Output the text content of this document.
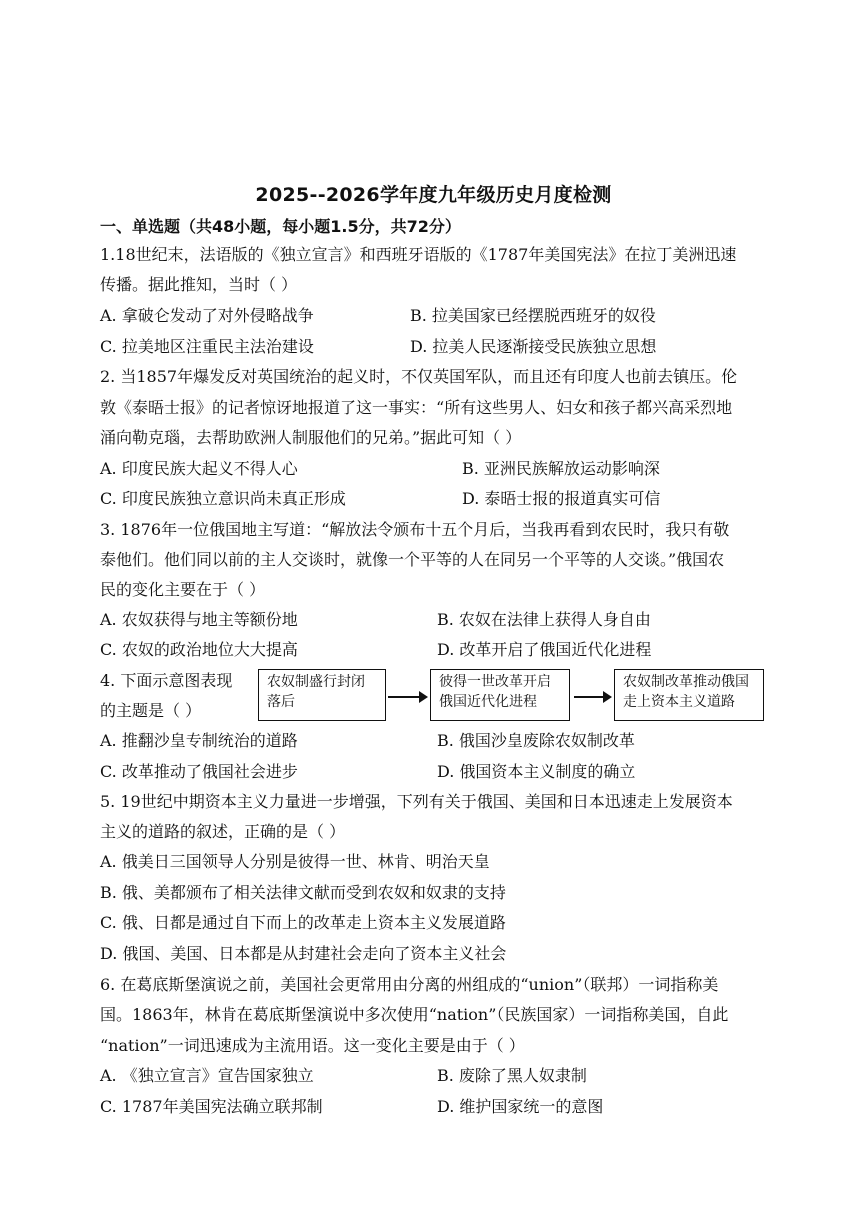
2025--2026学年度九年级历史月度检测
一、单选题（共48小题，每小题1.5分，共72分）
1.18世纪末，法语版的《独立宣言》和西班牙语版的《1787年美国宪法》在拉丁美洲迅速
传播。据此推知，当时（ ）
A. 拿破仑发动了对外侵略战争	B. 拉美国家已经摆脱西班牙的奴役
C. 拉美地区注重民主法治建设	D. 拉美人民逐渐接受民族独立思想
2. 当1857年爆发反对英国统治的起义时，不仅英国军队，而且还有印度人也前去镇压。伦
敦《泰晤士报》的记者惊讶地报道了这一事实：“所有这些男人、妇女和孩子都兴高采烈地
涌向勒克瑙，去帮助欧洲人制服他们的兄弟。”据此可知（ ）
A. 印度民族大起义不得人心	B. 亚洲民族解放运动影响深
C. 印度民族独立意识尚未真正形成	D. 泰晤士报的报道真实可信
3. 1876年一位俄国地主写道：“解放法令颁布十五个月后，当我再看到农民时，我只有敬
泰他们。他们同以前的主人交谈时，就像一个平等的人在同另一个平等的人交谈。”俄国农
民的变化主要在于（ ）
A. 农奴获得与地主等额份地	B. 农奴在法律上获得人身自由
C. 农奴的政治地位大大提高	D. 改革开启了俄国近代化进程
4. 下面示意图表现
的主题是（ ）
农奴制盛行封闭
落后
彼得一世改革开启
俄国近代化进程
农奴制改革推动俄国
走上资本主义道路
A. 推翻沙皇专制统治的道路	B. 俄国沙皇废除农奴制改革
C. 改革推动了俄国社会进步	D. 俄国资本主义制度的确立
5. 19世纪中期资本主义力量进一步增强，下列有关于俄国、美国和日本迅速走上发展资本
主义的道路的叙述，正确的是（ ）
A. 俄美日三国领导人分别是彼得一世、林肯、明治天皇
B. 俄、美都颁布了相关法律文献而受到农奴和奴隶的支持
C. 俄、日都是通过自下而上的改革走上资本主义发展道路
D. 俄国、美国、日本都是从封建社会走向了资本主义社会
6. 在葛底斯堡演说之前，美国社会更常用由分离的州组成的“union”（联邦）一词指称美
国。1863年，林肯在葛底斯堡演说中多次使用“nation”（民族国家）一词指称美国，自此
“nation”一词迅速成为主流用语。这一变化主要是由于（ ）
A. 《独立宣言》宣告国家独立	B. 废除了黑人奴隶制
C. 1787年美国宪法确立联邦制	D. 维护国家统一的意图
